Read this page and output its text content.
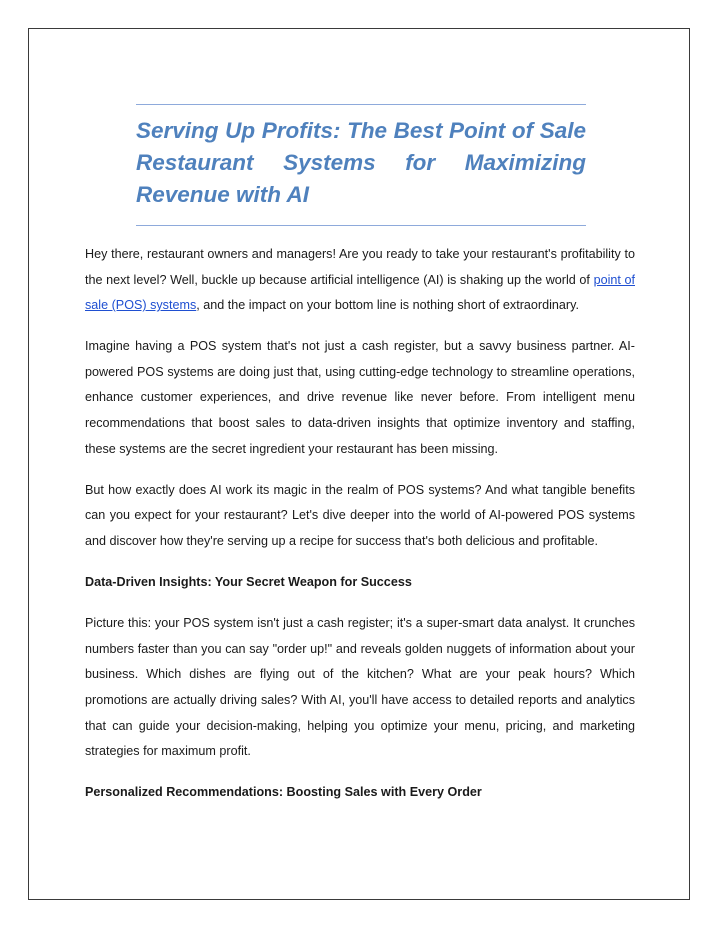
Serving Up Profits: The Best Point of Sale Restaurant Systems for Maximizing Revenue with AI

Hey there, restaurant owners and managers! Are you ready to take your restaurant's profitability to the next level? Well, buckle up because artificial intelligence (AI) is shaking up the world of point of sale (POS) systems, and the impact on your bottom line is nothing short of extraordinary.

Imagine having a POS system that's not just a cash register, but a savvy business partner. AI-powered POS systems are doing just that, using cutting-edge technology to streamline operations, enhance customer experiences, and drive revenue like never before. From intelligent menu recommendations that boost sales to data-driven insights that optimize inventory and staffing, these systems are the secret ingredient your restaurant has been missing.

But how exactly does AI work its magic in the realm of POS systems? And what tangible benefits can you expect for your restaurant? Let's dive deeper into the world of AI-powered POS systems and discover how they're serving up a recipe for success that's both delicious and profitable.

Data-Driven Insights: Your Secret Weapon for Success

Picture this: your POS system isn't just a cash register; it's a super-smart data analyst. It crunches numbers faster than you can say "order up!" and reveals golden nuggets of information about your business. Which dishes are flying out of the kitchen? What are your peak hours? Which promotions are actually driving sales? With AI, you'll have access to detailed reports and analytics that can guide your decision-making, helping you optimize your menu, pricing, and marketing strategies for maximum profit.

Personalized Recommendations: Boosting Sales with Every Order
